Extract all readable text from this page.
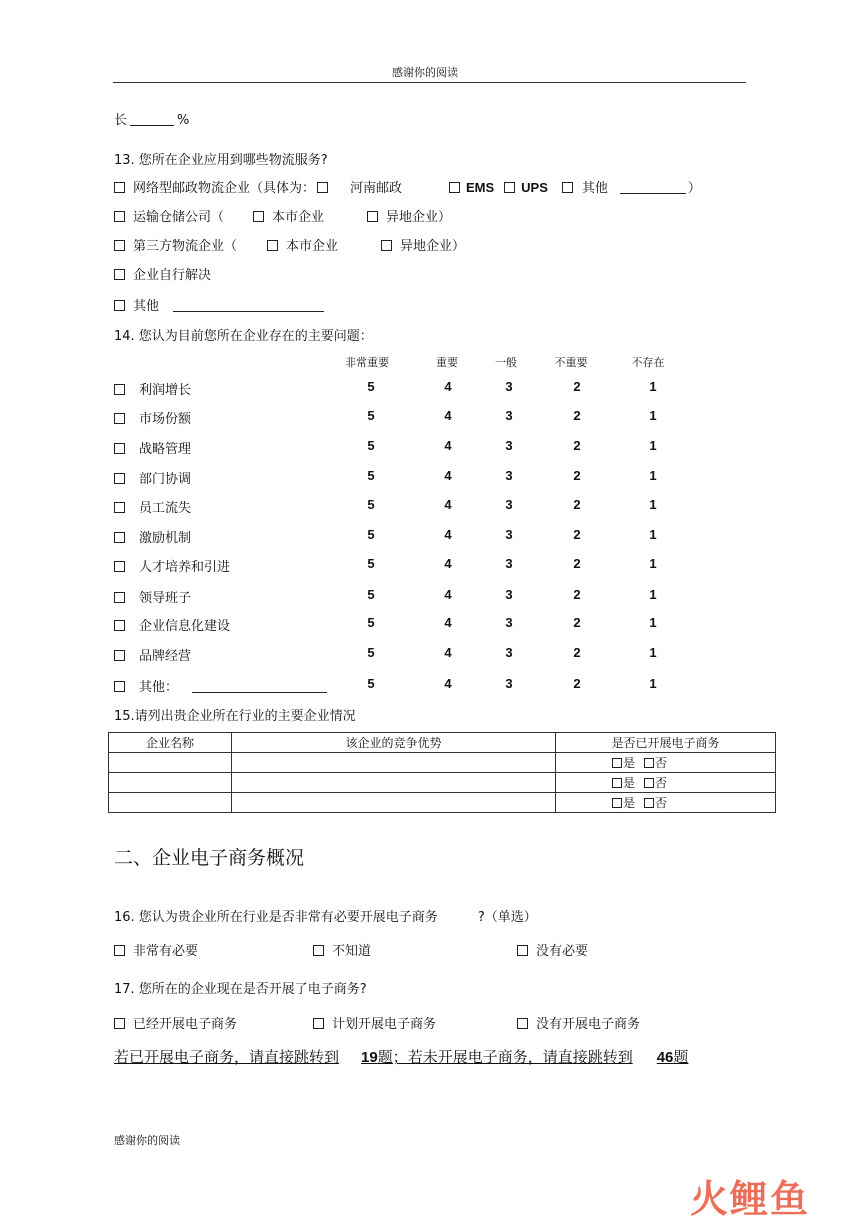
感谢你的阅读
长	%
13. 您所在企业应用到哪些物流服务?
网络型邮政物流企业（具体为：	河南邮政	EMS UPS	其他	）
运输仓储公司（	本市企业	异地企业）
第三方物流企业（	本市企业	异地企业）
企业自行解决
其他
14. 您认为目前您所在企业存在的主要问题：
非常重要	重要	一般	不重要	不存在
利润增长	5	4	3	2	1
市场份额	5	4	3	2	1
战略管理	5	4	3	2	1
部门协调	5	4	3	2	1
员工流失	5	4	3	2	1
激励机制	5	4	3	2	1
人才培养和引进	5	4	3	2	1
领导班子	5	4	3	2	1
企业信息化建设	5	4	3	2	1
品牌经营	5	4	3	2	1
其他：	5	4	3	2	1
15.请列出贵企业所在行业的主要企业情况
企业名称	该企业的竞争优势	是否已开展电子商务
		是 否
		是 否
		是 否
二、企业电子商务概况
16. 您认为贵企业所在行业是否非常有必要开展电子商务	?（单选）
非常有必要	不知道	没有必要
17. 您所在的企业现在是否开展了电子商务?
已经开展电子商务	计划开展电子商务	没有开展电子商务
若已开展电子商务，请直接跳转到 19题；若未开展电子商务，请直接跳转到 46题
感谢你的阅读
火鲤鱼
